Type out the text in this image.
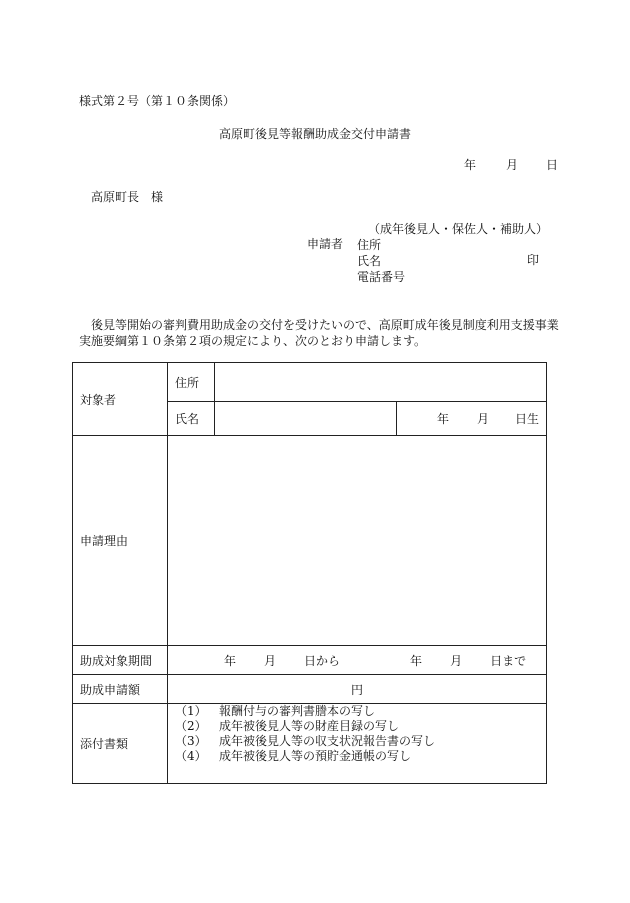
様式第２号（第１０条関係）
高原町後見等報酬助成金交付申請書
年	月 日
高原町長　様
（成年後見人・保佐人・補助人）
申請者 住所
氏名
電話番号
印
後見等開始の審判費用助成金の交付を受けたいので、高原町成年後見制度利用支援事業
実施要綱第１０条第２項の規定により、次のとおり申請します。
対象者	住所		
	氏名		年 月 日生
申請理由			
助成対象期間	年 月 日から 年 月 日まで		
助成申請額	円		
添付書類	（1） 報酬付与の審判書謄本の写し
（2） 成年被後見人等の財産目録の写し
（3） 成年被後見人等の収支状況報告書の写し
（4） 成年被後見人等の預貯金通帳の写し		
